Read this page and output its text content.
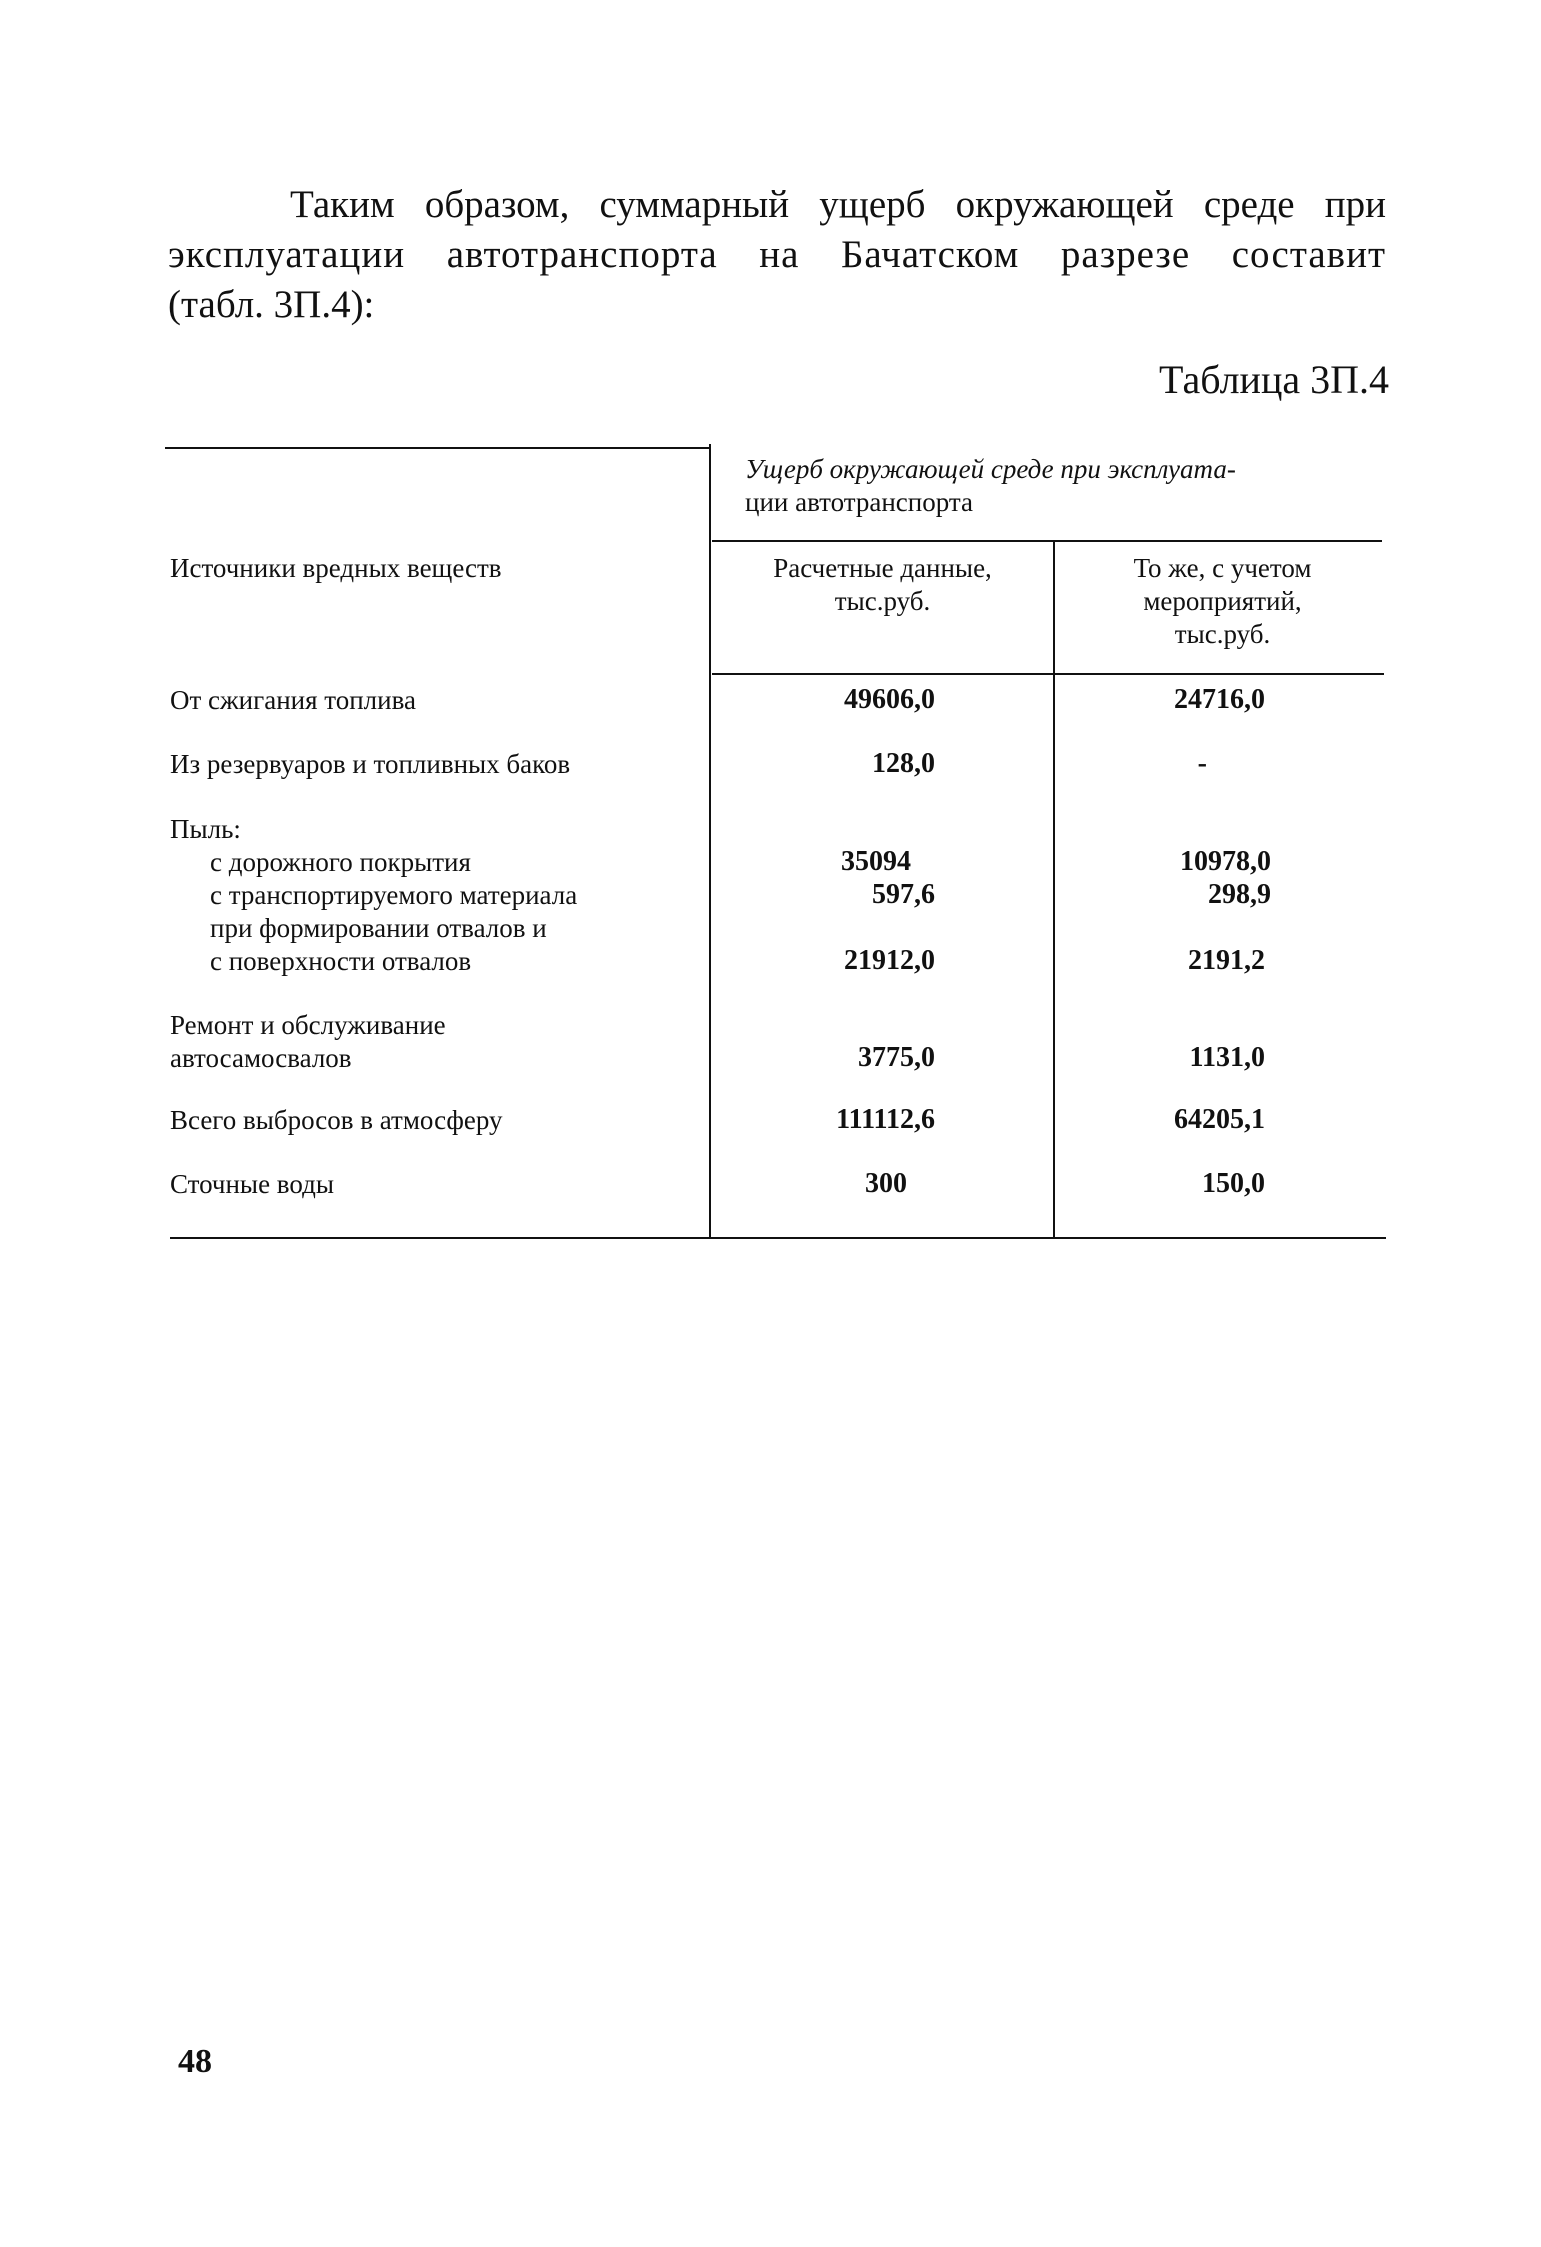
Таким образом, суммарный ущерб окружающей среде при
эксплуатации автотранспорта на Бачатском разрезе составит
(табл. 3П.4):
Таблица 3П.4
Источники вредных веществ
Ущерб окружающей среде при эксплуата-
ции автотранспорта
Расчетные данные,
тыс.руб.
То же, с учетом
мероприятий,
тыс.руб.
От сжигания топлива
Из резервуаров и топливных баков
Пыль:
с дорожного покрытия
с транспортируемого материала
при формировании отвалов и
с поверхности отвалов
Ремонт и обслуживание
автосамосвалов
Всего выбросов в атмосферу
Сточные воды
49606,0
128,0
35094
597,6
21912,0
3775,0
111112,6
300
24716,0
-
10978,0
298,9
2191,2
1131,0
64205,1
150,0
48
